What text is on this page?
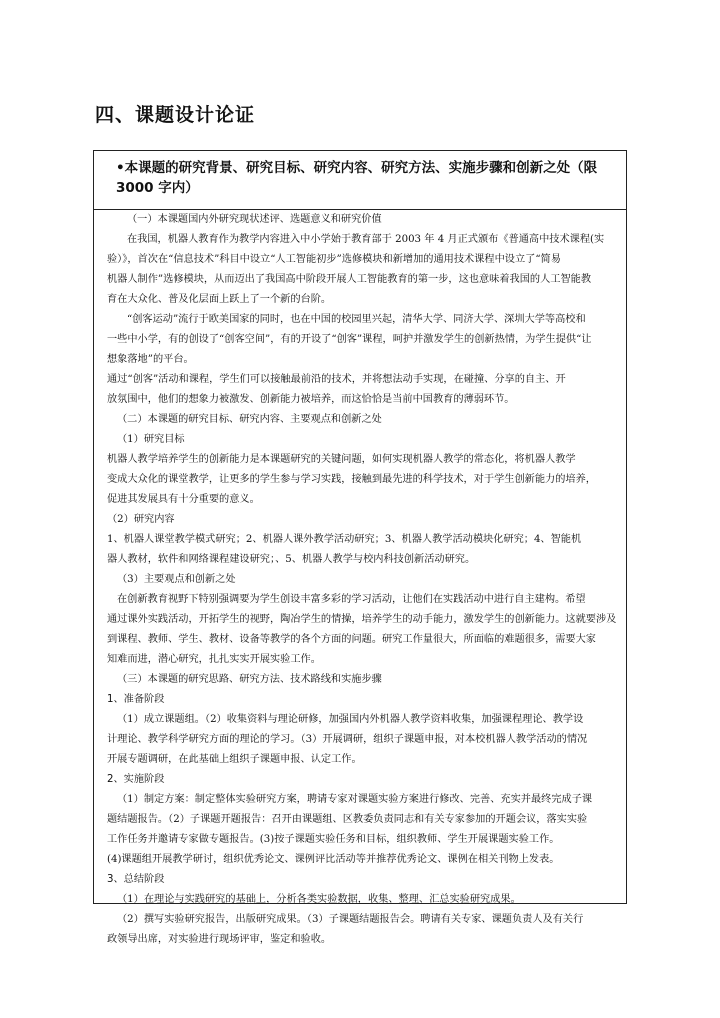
四、课题设计论证
•本课题的研究背景、研究目标、研究内容、研究方法、实施步骤和创新之处（限
3000 字内）
（一）本课题国内外研究现状述评、选题意义和研究价值
在我国，机器人教育作为教学内容进入中小学始于教育部于 2003 年 4 月正式颁布《普通高中技术课程(实
验）》，首次在“信息技术”科目中设立“人工智能初步”选修模块和新增加的通用技术课程中设立了“简易
机器人制作”选修模块，从而迈出了我国高中阶段开展人工智能教育的第一步，这也意味着我国的人工智能教
育在大众化、普及化层面上跃上了一个新的台阶。
“创客运动”流行于欧美国家的同时，也在中国的校园里兴起，清华大学、同济大学、深圳大学等高校和
一些中小学，有的创设了“创客空间”，有的开设了“创客”课程，呵护并激发学生的创新热情，为学生提供“让
想象落地”的平台。
通过“创客”活动和课程，学生们可以接触最前沿的技术，并将想法动手实现，在碰撞、分享的自主、开
放氛围中，他们的想象力被激发、创新能力被培养，而这恰恰是当前中国教育的薄弱环节。
（二）本课题的研究目标、研究内容、主要观点和创新之处
（1）研究目标
机器人教学培养学生的创新能力是本课题研究的关键问题，如何实现机器人教学的常态化，将机器人教学
变成大众化的课堂教学，让更多的学生参与学习实践，接触到最先进的科学技术，对于学生创新能力的培养，
促进其发展具有十分重要的意义。
（2）研究内容
1、机器人课堂教学模式研究；2、机器人课外教学活动研究；3、机器人教学活动模块化研究；4、智能机
器人教材，软件和网络课程建设研究；、5、机器人教学与校内科技创新活动研究。
（3）主要观点和创新之处
在创新教育视野下特别强调要为学生创设丰富多彩的学习活动，让他们在实践活动中进行自主建构。希望
通过课外实践活动，开拓学生的视野，陶冶学生的情操，培养学生的动手能力，激发学生的创新能力。这就要涉及
到课程、教师、学生、教材、设备等教学的各个方面的问题。研究工作量很大，所面临的难题很多，需要大家
知难而进，潜心研究，扎扎实实开展实验工作。
（三）本课题的研究思路、研究方法、技术路线和实施步骤
1、准备阶段
（1）成立课题组。（2）收集资料与理论研修，加强国内外机器人教学资料收集，加强课程理论、教学设
计理论、教学科学研究方面的理论的学习。（3）开展调研，组织子课题申报，对本校机器人教学活动的情况
开展专题调研，在此基础上组织子课题申报、认定工作。
2、实施阶段
（1）制定方案：制定整体实验研究方案，聘请专家对课题实验方案进行修改、完善、充实并最终完成子课
题结题报告。（2）子课题开题报告：召开由课题组、区教委负责同志和有关专家参加的开题会议，落实实验
工作任务并邀请专家做专题报告。(3)按子课题实验任务和目标，组织教师、学生开展课题实验工作。
(4)课题组开展教学研讨，组织优秀论文、课例评比活动等并推荐优秀论文、课例在相关刊物上发表。
3、总结阶段
（1）在理论与实践研究的基础上，分析各类实验数据，收集、整理、汇总实验研究成果。
（2）撰写实验研究报告，出版研究成果。（3）子课题结题报告会。聘请有关专家、课题负责人及有关行
政领导出席，对实验进行现场评审，鉴定和验收。
